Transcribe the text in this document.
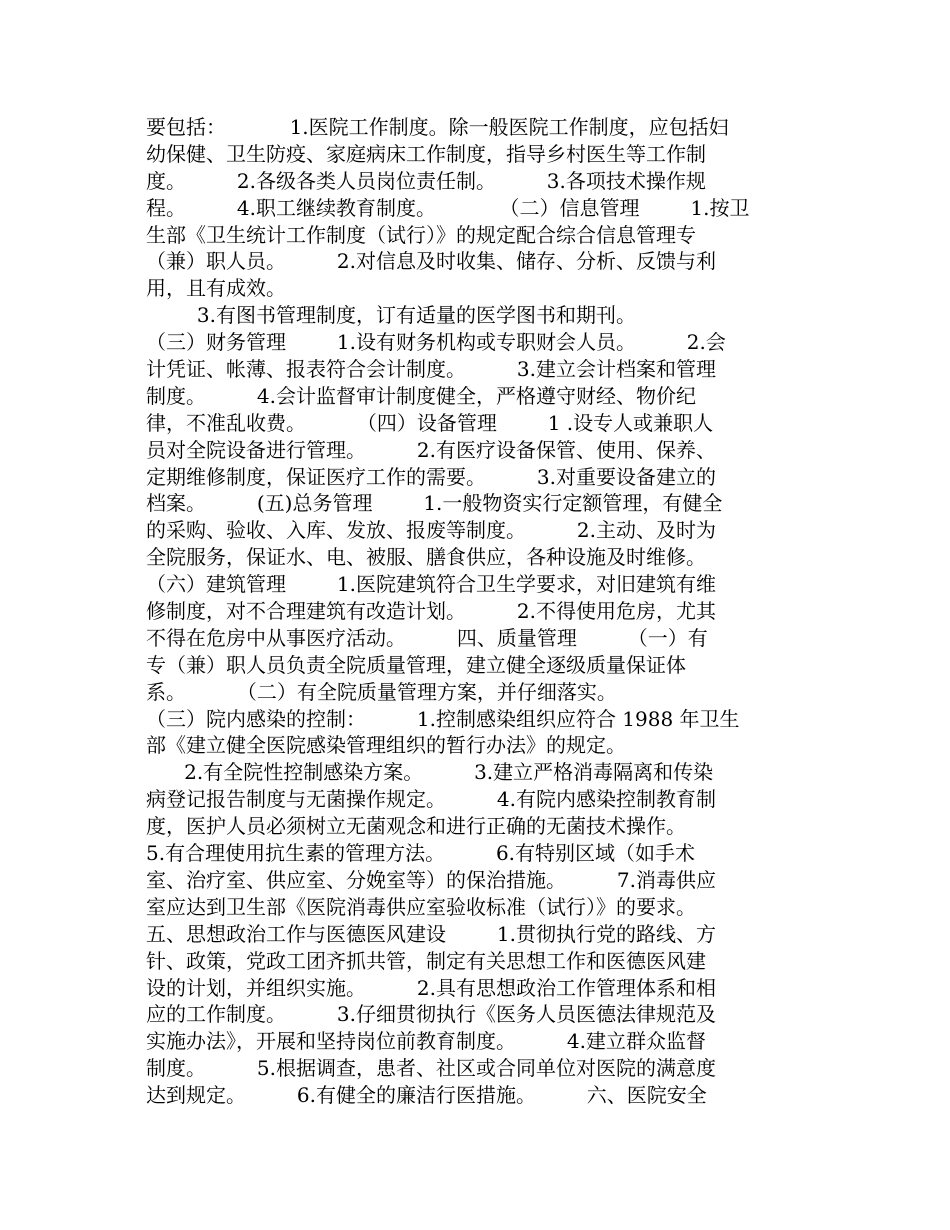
要包括：          1.医院工作制度。除一般医院工作制度，应包括妇
幼保健、卫生防疫、家庭病床工作制度，指导乡村医生等工作制
度。        2.各级各类人员岗位责任制。        3.各项技术操作规
程。        4.职工继续教育制度。          （二）信息管理        1.按卫
生部《卫生统计工作制度（试行）》的规定配合综合信息管理专
（兼）职人员。        2.对信息及时收集、储存、分析、反馈与利
用，且有成效。
3.有图书管理制度，订有适量的医学图书和期刊。
（三）财务管理        1.设有财务机构或专职财会人员。        2.会
计凭证、帐薄、报表符合会计制度。        3.建立会计档案和管理
制度。        4.会计监督审计制度健全，严格遵守财经、物价纪
律，不准乱收费。        （四）设备管理        1 .设专人或兼职人
员对全院设备进行管理。        2.有医疗设备保管、使用、保养、
定期维修制度，保证医疗工作的需要。        3.对重要设备建立的
档案。        (五)总务管理        1.一般物资实行定额管理，有健全
的采购、验收、入库、发放、报废等制度。        2.主动、及时为
全院服务，保证水、电、被服、膳食供应，各种设施及时维修。
（六）建筑管理        1.医院建筑符合卫生学要求，对旧建筑有维
修制度，对不合理建筑有改造计划。        2.不得使用危房，尤其
不得在危房中从事医疗活动。        四、质量管理        （一）有
专（兼）职人员负责全院质量管理，建立健全逐级质量保证体
系。        （二）有全院质量管理方案，并仔细落实。
（三）院内感染的控制：        1.控制感染组织应符合 1988 年卫生
部《建立健全医院感染管理组织的暂行办法》的规定。
2.有全院性控制感染方案。        3.建立严格消毒隔离和传染
病登记报告制度与无菌操作规定。        4.有院内感染控制教育制
度，医护人员必须树立无菌观念和进行正确的无菌技术操作。
5.有合理使用抗生素的管理方法。        6.有特别区域（如手术
室、治疗室、供应室、分娩室等）的保治措施。        7.消毒供应
室应达到卫生部《医院消毒供应室验收标准（试行）》的要求。
五、思想政治工作与医德医风建设        1.贯彻执行党的路线、方
针、政策，党政工团齐抓共管，制定有关思想工作和医德医风建
设的计划，并组织实施。        2.具有思想政治工作管理体系和相
应的工作制度。        3.仔细贯彻执行《医务人员医德法律规范及
实施办法》，开展和坚持岗位前教育制度。        4.建立群众监督
制度。        5.根据调查，患者、社区或合同单位对医院的满意度
达到规定。        6.有健全的廉洁行医措施。        六、医院安全
